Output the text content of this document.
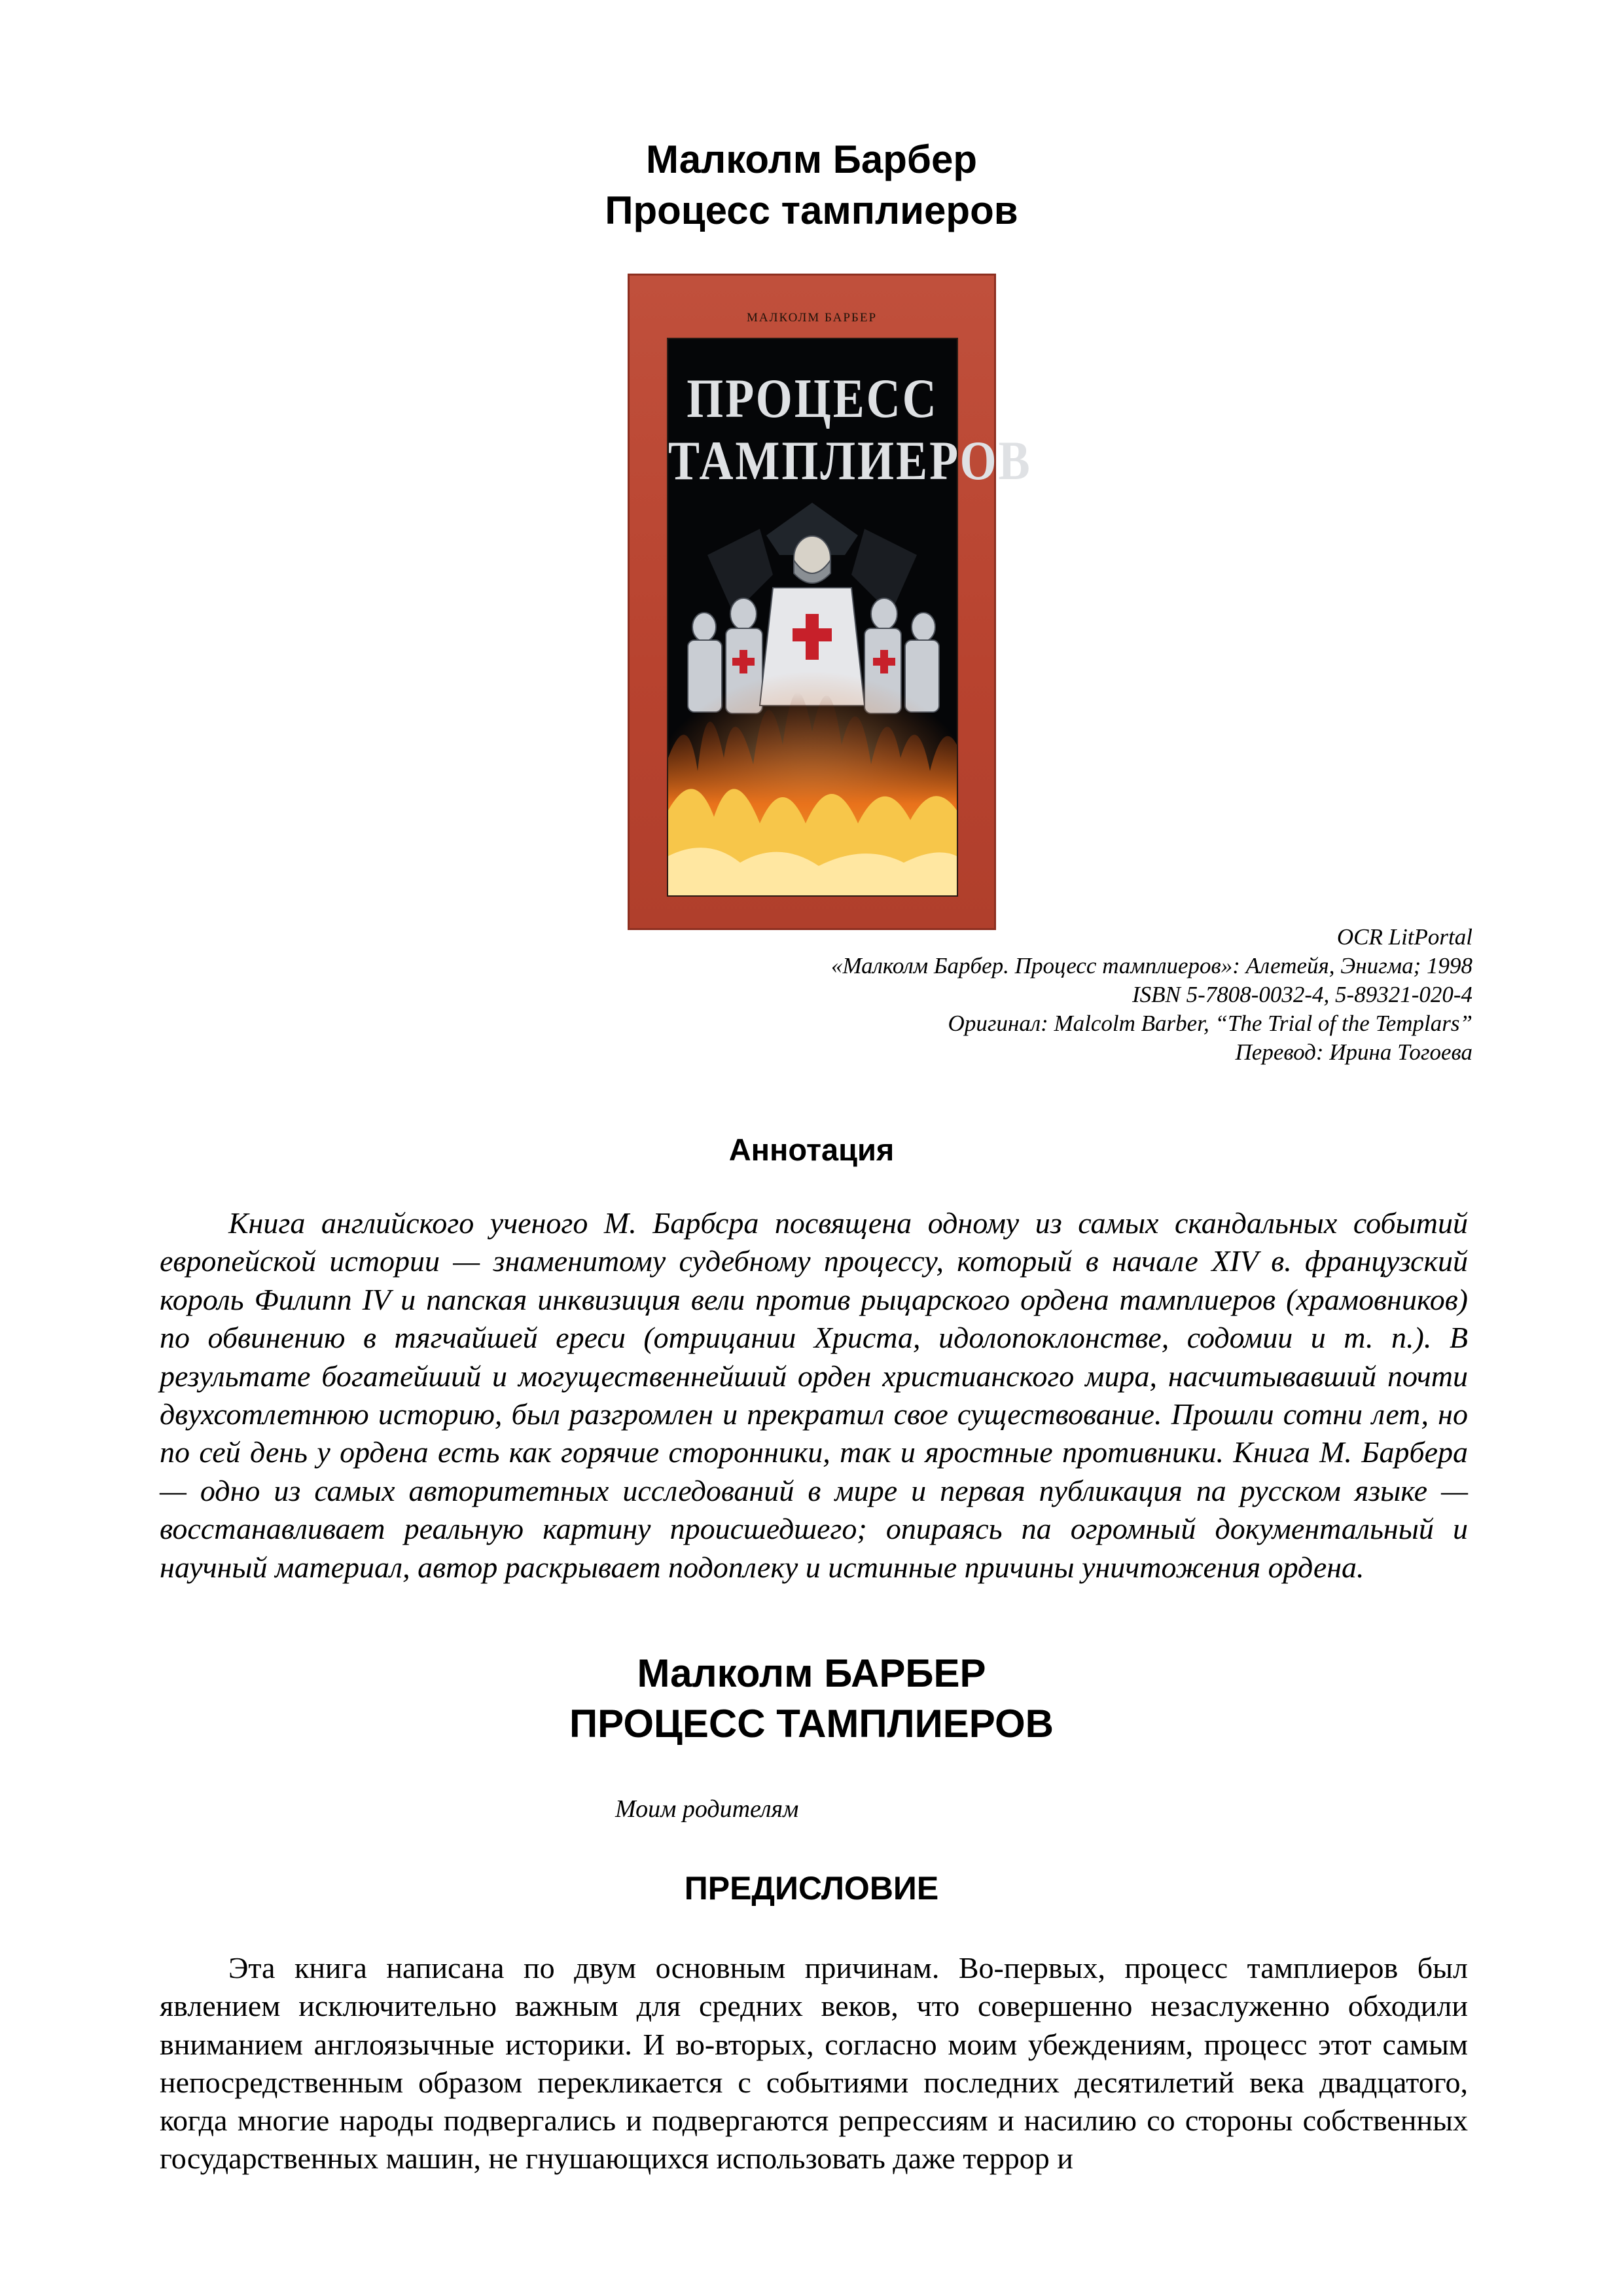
Малколм Барбер
Процесс тамплиеров
МАЛКОЛМ БАРБЕР
ПРОЦЕСС
ТАМПЛИЕРОВ
OCR LitPortal
«Малколм Барбер. Процесс тамплиеров»: Алетейя, Энигма; 1998
ISBN 5-7808-0032-4, 5-89321-020-4
Оригинал: Malcolm Barber, “The Trial of the Templars”
Перевод: Ирина Тогоева
Аннотация

Книга английского ученого М. Барбсра посвящена одному из самых скандальных событий европейской истории — знаменитому судебному процессу, который в начале XIV в. французский король Филипп IV и папская инквизиция вели против рыцарского ордена тамплиеров (храмовников) по обвинению в тягчайшей ереси (отрицании Христа, идолопоклонстве, содомии и т. п.). В результате богатейший и могущественнейший орден христианского мира, насчитывавший почти двухсотлетнюю историю, был разгромлен и прекратил свое существование. Прошли сотни лет, но по сей день у ордена есть как горячие сторонники, так и яростные противники. Книга М. Барбера — одно из самых авторитетных исследований в мире и первая публикация па русском языке — восстанавливает реальную картину происшедшего; опираясь па огромный документальный и научный материал, автор раскрывает подоплеку и истинные причины уничтожения ордена.

Малколм БАРБЕР
ПРОЦЕСС ТАМПЛИЕРОВ
Моим родителям
ПРЕДИСЛОВИЕ

Эта книга написана по двум основным причинам. Во-первых, процесс тамплиеров был явлением исключительно важным для средних веков, что совершенно незаслуженно обходили вниманием англоязычные историки. И во-вторых, согласно моим убеждениям, процесс этот самым непосредственным образом перекликается с событиями последних десятилетий века двадцатого, когда многие народы подвергались и подвергаются репрессиям и насилию со стороны собственных государственных машин, не гнушающихся использовать даже террор и
